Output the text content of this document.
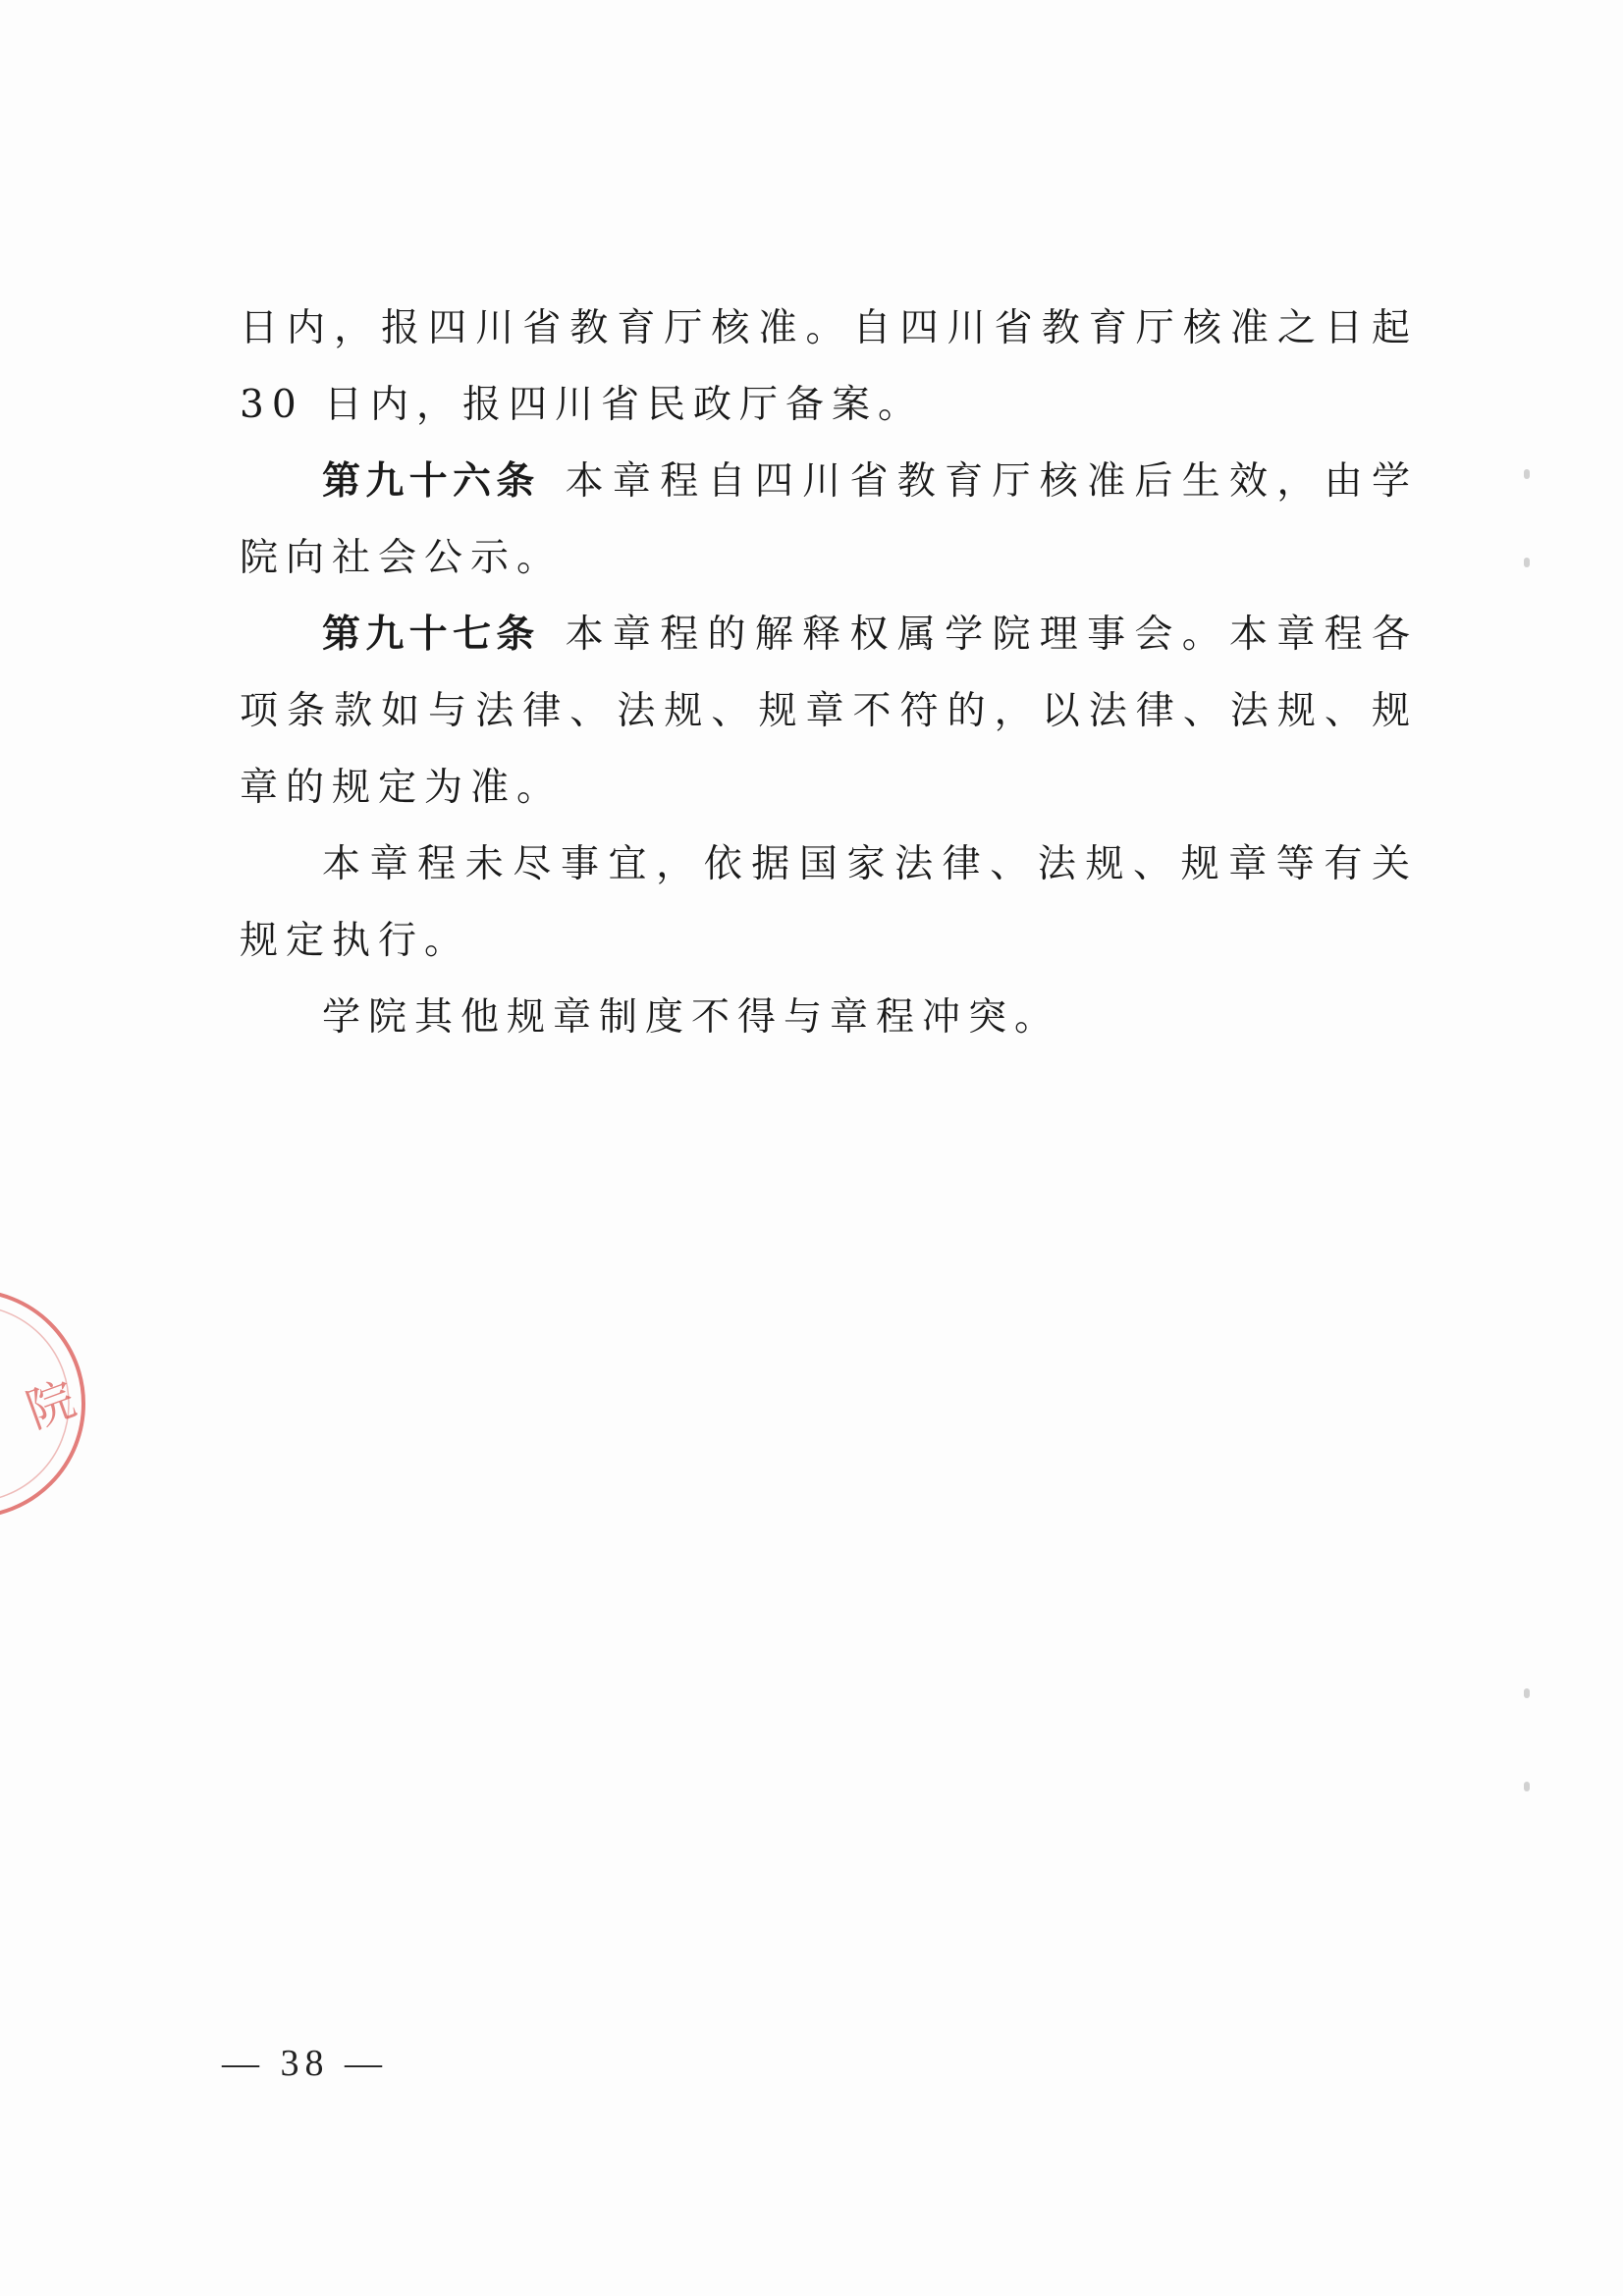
日内，报四川省教育厅核准。自四川省教育厅核准之日起 30 日内，报四川省民政厅备案。

第九十六条 本章程自四川省教育厅核准后生效，由学院向社会公示。

第九十七条 本章程的解释权属学院理事会。本章程各项条款如与法律、法规、规章不符的，以法律、法规、规章的规定为准。

本章程未尽事宜，依据国家法律、法规、规章等有关规定执行。

学院其他规章制度不得与章程冲突。

院
— 38 —
